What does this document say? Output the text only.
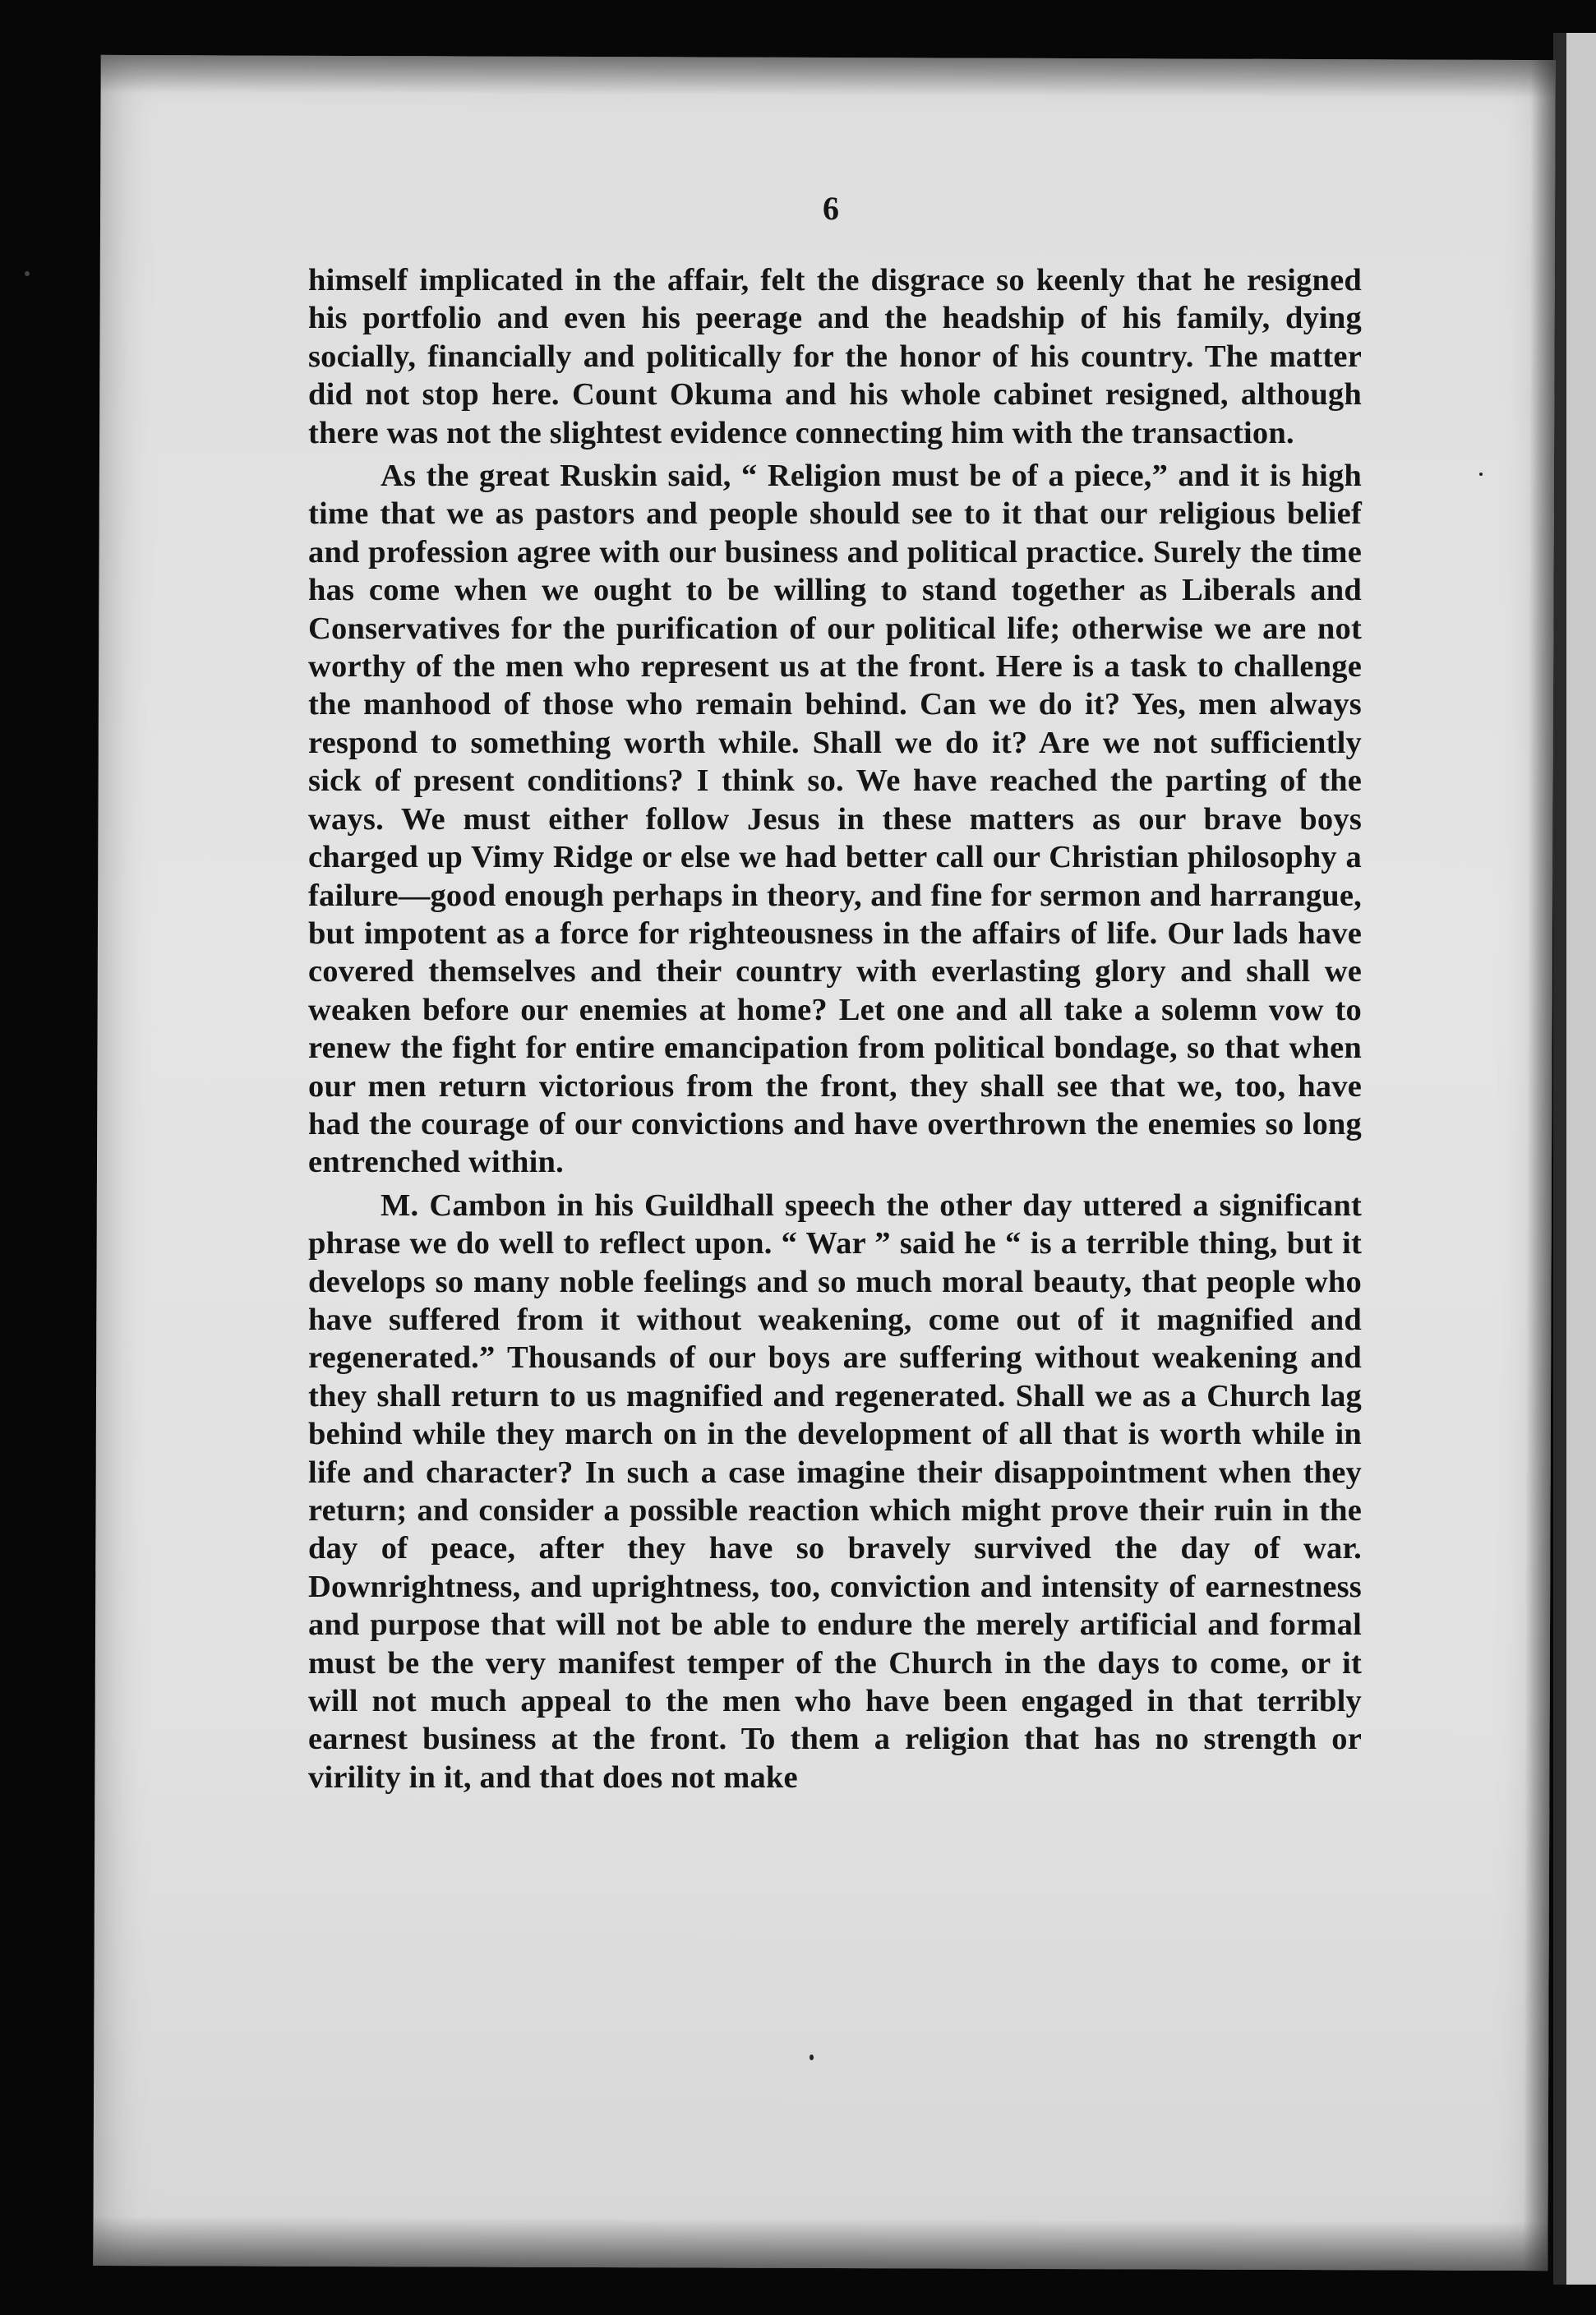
6

himself implicated in the affair, felt the disgrace so keenly that he resigned his portfolio and even his peerage and the headship of his family, dying socially, financially and politically for the honor of his country. The matter did not stop here. Count Okuma and his whole cabinet resigned, although there was not the slightest evidence connecting him with the transaction.

As the great Ruskin said, “ Religion must be of a piece,” and it is high time that we as pastors and people should see to it that our religious belief and profession agree with our business and political practice. Surely the time has come when we ought to be willing to stand together as Liberals and Conservatives for the purification of our political life; otherwise we are not worthy of the men who represent us at the front. Here is a task to challenge the manhood of those who remain behind. Can we do it? Yes, men always respond to something worth while. Shall we do it? Are we not sufficiently sick of present conditions? I think so. We have reached the parting of the ways. We must either follow Jesus in these matters as our brave boys charged up Vimy Ridge or else we had better call our Christian philosophy a failure—good enough perhaps in theory, and fine for sermon and harrangue, but impotent as a force for righteousness in the affairs of life. Our lads have covered themselves and their country with everlasting glory and shall we weaken before our enemies at home? Let one and all take a solemn vow to renew the fight for entire emancipation from political bondage, so that when our men return victorious from the front, they shall see that we, too, have had the courage of our convictions and have overthrown the enemies so long entrenched within.

M. Cambon in his Guildhall speech the other day uttered a significant phrase we do well to reflect upon. “ War ” said he “ is a terrible thing, but it develops so many noble feelings and so much moral beauty, that people who have suffered from it without weakening, come out of it magnified and regenerated.” Thousands of our boys are suffering without weakening and they shall return to us magnified and regenerated. Shall we as a Church lag behind while they march on in the development of all that is worth while in life and character? In such a case imagine their disappointment when they return; and consider a possible reaction which might prove their ruin in the day of peace, after they have so bravely survived the day of war. Downrightness, and uprightness, too, conviction and intensity of earnestness and purpose that will not be able to endure the merely artificial and formal must be the very manifest temper of the Church in the days to come, or it will not much appeal to the men who have been engaged in that terribly earnest business at the front. To them a religion that has no strength or virility in it, and that does not make
